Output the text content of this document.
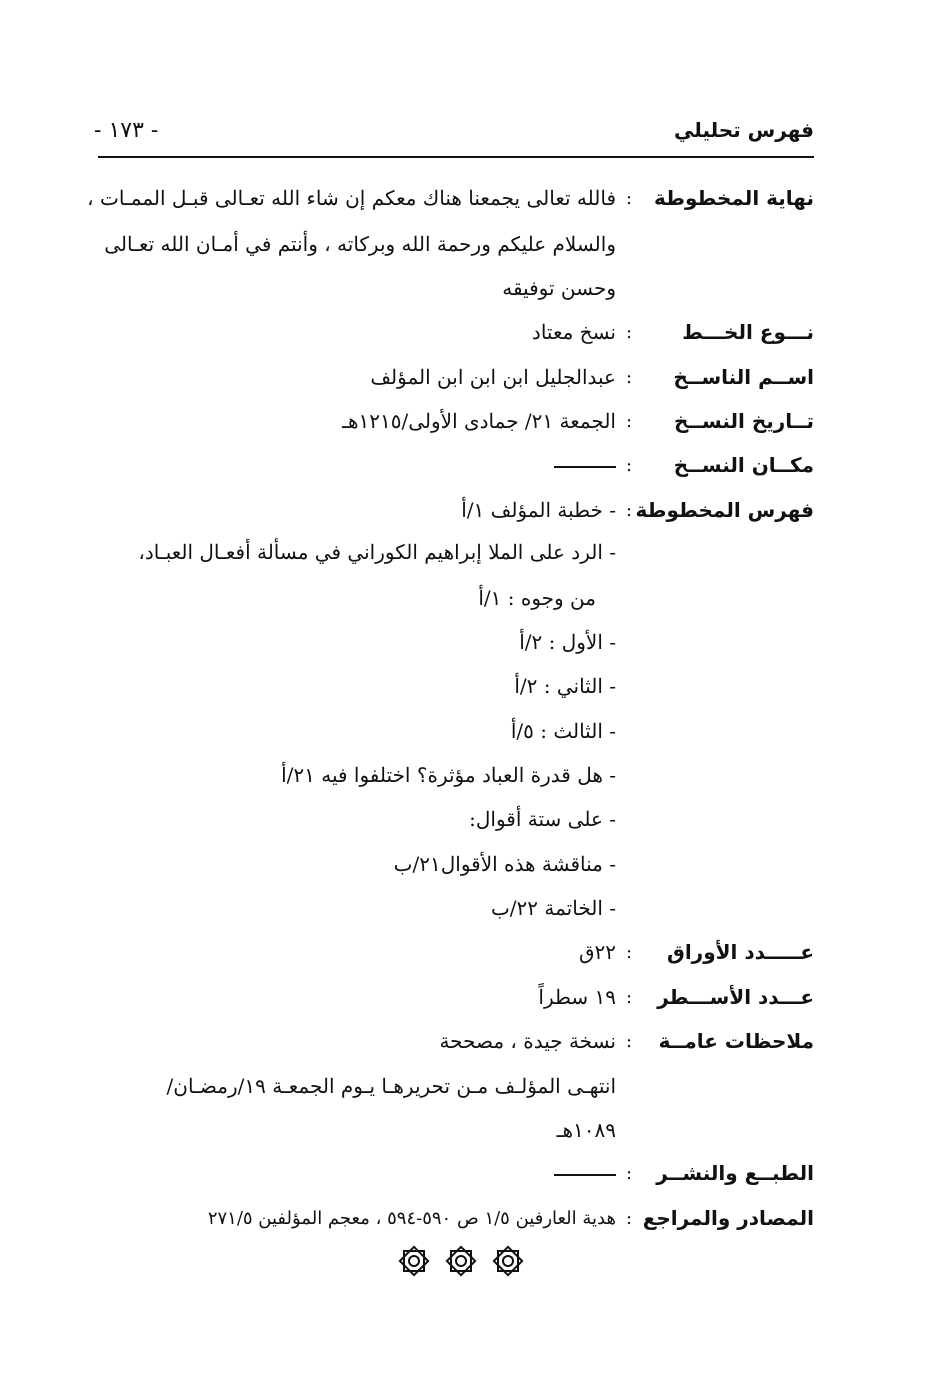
فهرس تحليلي
- ١٧٣ -
نهاية المخطوطة
:
فالله تعالى يجمعنا هناك معكم إن شاء الله تعـالى قبـل الممـات ،
والسلام عليكم ورحمة الله وبركاته ، وأنتم في أمـان الله تعـالى
وحسن توفيقه
نـــوع الخـــط
:
نسخ معتاد
اســم الناســخ
:
عبدالجليل ابن ابن ابن المؤلف
تــاريخ النســخ
:
الجمعة ٢١/ جمادى الأولى/١٢١٥هـ
مكــان النســخ
:
فهرس المخطوطة
:
- خطبة المؤلف ١/أ
- الرد على الملا إبراهيم الكوراني في مسألة أفعـال العبـاد،
من وجوه : ١/أ
- الأول : ٢/أ
- الثاني : ٢/أ
- الثالث : ٥/أ
- هل قدرة العباد مؤثرة؟ اختلفوا فيه ٢١/أ
- على ستة أقوال:
- مناقشة هذه الأقوال٢١/ب
- الخاتمة ٢٢/ب
عـــــدد الأوراق
:
٢٢ق
عـــدد الأســـطر
:
١٩ سطراً
ملاحظات عامــة
:
نسخة جيدة ، مصححة
انتهـى المؤلـف مـن تحريرهـا يـوم الجمعـة ١٩/رمضـان/
١٠٨٩هـ
الطبــع والنشــر
:
المصادر والمراجع
:
هدية العارفين ١/٥ ص ٥٩٠-٥٩٤ ، معجم المؤلفين ٢٧١/٥
